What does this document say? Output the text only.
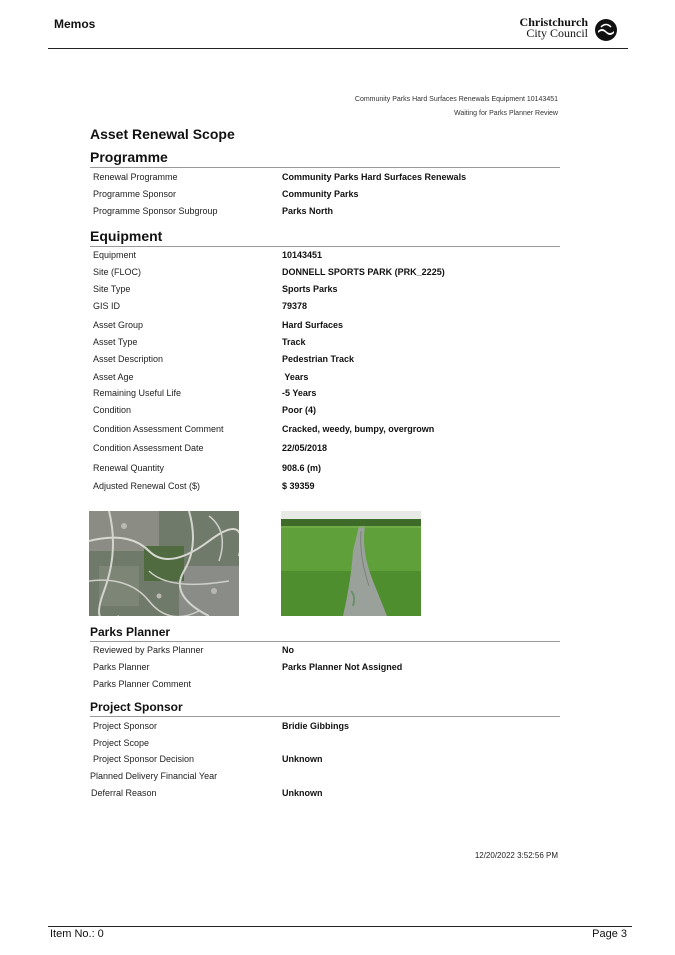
Memos	Christchurch
City Council
Community Parks Hard Surfaces Renewals Equipment 10143451
Waiting for Parks Planner Review
Asset Renewal Scope
Programme
Renewal Programme	Community Parks Hard Surfaces Renewals
Programme Sponsor	Community Parks
Programme Sponsor Subgroup	Parks North
Equipment
Equipment	10143451
Site (FLOC)	DONNELL SPORTS PARK (PRK_2225)
Site Type	Sports Parks
GIS ID	79378
Asset Group	Hard Surfaces
Asset Type	Track
Asset Description	Pedestrian Track
Asset Age	Years
Remaining Useful Life	-5 Years
Condition	Poor (4)
Condition Assessment Comment	Cracked, weedy, bumpy, overgrown
Condition Assessment Date	22/05/2018
Renewal Quantity	908.6 (m)
Adjusted Renewal Cost ($)	$ 39359
Parks Planner
Reviewed by Parks Planner	No
Parks Planner	Parks Planner Not Assigned
Parks Planner Comment
Project Sponsor
Project Sponsor	Bridie Gibbings
Project Scope
Project Sponsor Decision	Unknown
Planned Delivery Financial Year
Deferral Reason	Unknown
12/20/2022 3:52:56 PM
Item No.: 0	Page 3
